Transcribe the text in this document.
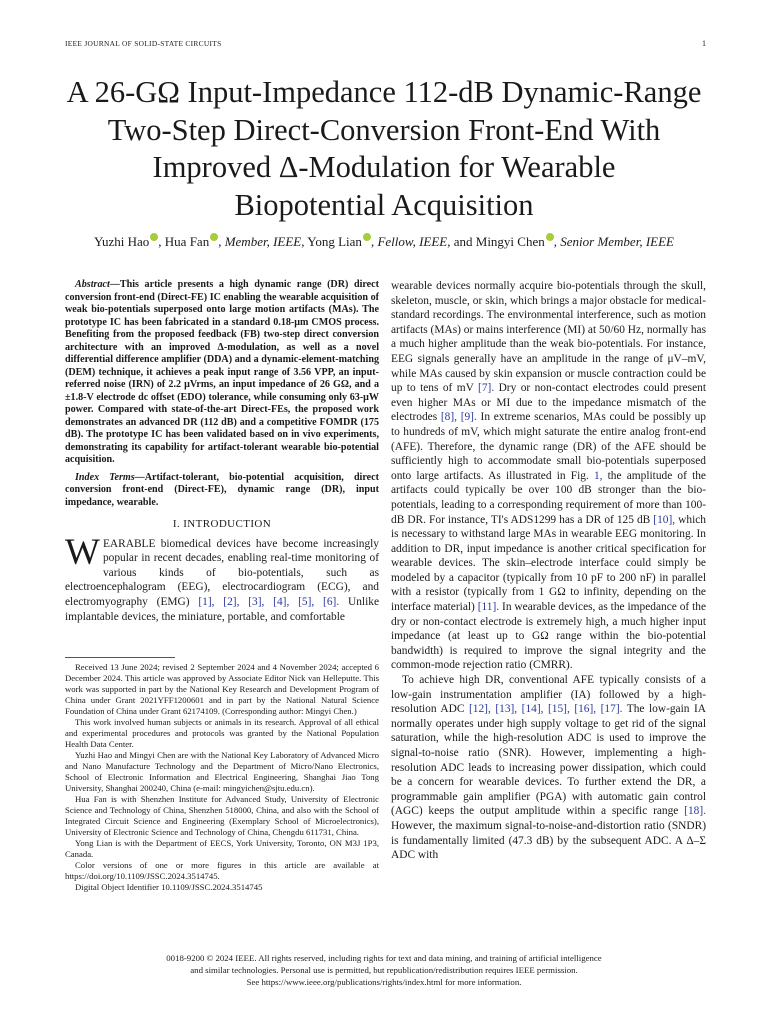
IEEE JOURNAL OF SOLID-STATE CIRCUITS	1
A 26-GΩ Input-Impedance 112-dB Dynamic-Range
Two-Step Direct-Conversion Front-End With
Improved Δ-Modulation for Wearable
Biopotential Acquisition
Yuzhi Hao , Hua Fan , Member, IEEE, Yong Lian , Fellow, IEEE, and Mingyi Chen , Senior Member, IEEE

Abstract—This article presents a high dynamic range (DR) direct conversion front-end (Direct-FE) IC enabling the wearable acquisition of weak bio-potentials superposed onto large motion artifacts (MAs). The prototype IC has been fabricated in a standard 0.18-μm CMOS process. Benefiting from the proposed feedback (FB) two-step direct conversion architecture with an improved Δ-modulation, as well as a novel differential difference amplifier (DDA) and a dynamic-element-matching (DEM) technique, it achieves a peak input range of 3.56 VPP, an input-referred noise (IRN) of 2.2 μVrms, an input impedance of 26 GΩ, and a ±1.8-V electrode dc offset (EDO) tolerance, while consuming only 63-μW power. Compared with state-of-the-art Direct-FEs, the proposed work demonstrates an advanced DR (112 dB) and a competitive FOMDR (175 dB). The prototype IC has been validated based on in vivo experiments, demonstrating its capability for artifact-tolerant wearable bio-potential acquisition.

Index Terms—Artifact-tolerant, bio-potential acquisition, direct conversion front-end (Direct-FE), dynamic range (DR), input impedance, wearable.

I. INTRODUCTION

WEARABLE biomedical devices have become increasingly popular in recent decades, enabling real-time monitoring of various kinds of bio-potentials, such as electroencephalogram (EEG), electrocardiogram (ECG), and electromyography (EMG) [1], [2], [3], [4], [5], [6]. Unlike implantable devices, the miniature, portable, and comfortable

Received 13 June 2024; revised 2 September 2024 and 4 November 2024; accepted 6 December 2024. This article was approved by Associate Editor Nick van Helleputte. This work was supported in part by the National Key Research and Development Program of China under Grant 2021YFF1200601 and in part by the National Natural Science Foundation of China under Grant 62174109. (Corresponding author: Mingyi Chen.)

This work involved human subjects or animals in its research. Approval of all ethical and experimental procedures and protocols was granted by the National Population Health Data Center.

Yuzhi Hao and Mingyi Chen are with the National Key Laboratory of Advanced Micro and Nano Manufacture Technology and the Department of Micro/Nano Electronics, School of Electronic Information and Electrical Engineering, Shanghai Jiao Tong University, Shanghai 200240, China (e-mail: mingyichen@sjtu.edu.cn).

Hua Fan is with Shenzhen Institute for Advanced Study, University of Electronic Science and Technology of China, Shenzhen 518000, China, and also with the School of Integrated Circuit Science and Engineering (Exemplary School of Microelectronics), University of Electronic Science and Technology of China, Chengdu 611731, China.

Yong Lian is with the Department of EECS, York University, Toronto, ON M3J 1P3, Canada.

Color versions of one or more figures in this article are available at https://doi.org/10.1109/JSSC.2024.3514745.

Digital Object Identifier 10.1109/JSSC.2024.3514745

wearable devices normally acquire bio-potentials through the skull, skeleton, muscle, or skin, which brings a major obstacle for medical-standard recordings. The environmental interference, such as motion artifacts (MAs) or mains interference (MI) at 50/60 Hz, normally has a much higher amplitude than the weak bio-potentials. For instance, EEG signals generally have an amplitude in the range of μV–mV, while MAs caused by skin expansion or muscle contraction could be up to tens of mV [7]. Dry or non-contact electrodes could present even higher MAs or MI due to the impedance mismatch of the electrodes [8], [9]. In extreme scenarios, MAs could be possibly up to hundreds of mV, which might saturate the entire analog front-end (AFE). Therefore, the dynamic range (DR) of the AFE should be sufficiently high to accommodate small bio-potentials superposed onto large artifacts. As illustrated in Fig. 1, the amplitude of the artifacts could typically be over 100 dB stronger than the bio-potentials, leading to a corresponding requirement of more than 100-dB DR. For instance, TI's ADS1299 has a DR of 125 dB [10], which is necessary to withstand large MAs in wearable EEG monitoring. In addition to DR, input impedance is another critical specification for wearable devices. The skin–electrode interface could simply be modeled by a capacitor (typically from 10 pF to 200 nF) in parallel with a resistor (typically from 1 GΩ to infinity, depending on the interface material) [11]. In wearable devices, as the impedance of the dry or non-contact electrode is extremely high, a much higher input impedance (at least up to GΩ range within the bio-potential bandwidth) is required to improve the signal integrity and the common-mode rejection ratio (CMRR).

To achieve high DR, conventional AFE typically consists of a low-gain instrumentation amplifier (IA) followed by a high-resolution ADC [12], [13], [14], [15], [16], [17]. The low-gain IA normally operates under high supply voltage to get rid of the signal saturation, while the high-resolution ADC is used to improve the signal-to-noise ratio (SNR). However, implementing a high-resolution ADC leads to increasing power dissipation, which could be a concern for wearable devices. To further extend the DR, a programmable gain amplifier (PGA) with automatic gain control (AGC) keeps the output amplitude within a specific range [18]. However, the maximum signal-to-noise-and-distortion ratio (SNDR) is fundamentally limited (47.3 dB) by the subsequent ADC. A Δ–Σ ADC with

0018-9200 © 2024 IEEE. All rights reserved, including rights for text and data mining, and training of artificial intelligence
and similar technologies. Personal use is permitted, but republication/redistribution requires IEEE permission.
See https://www.ieee.org/publications/rights/index.html for more information.
